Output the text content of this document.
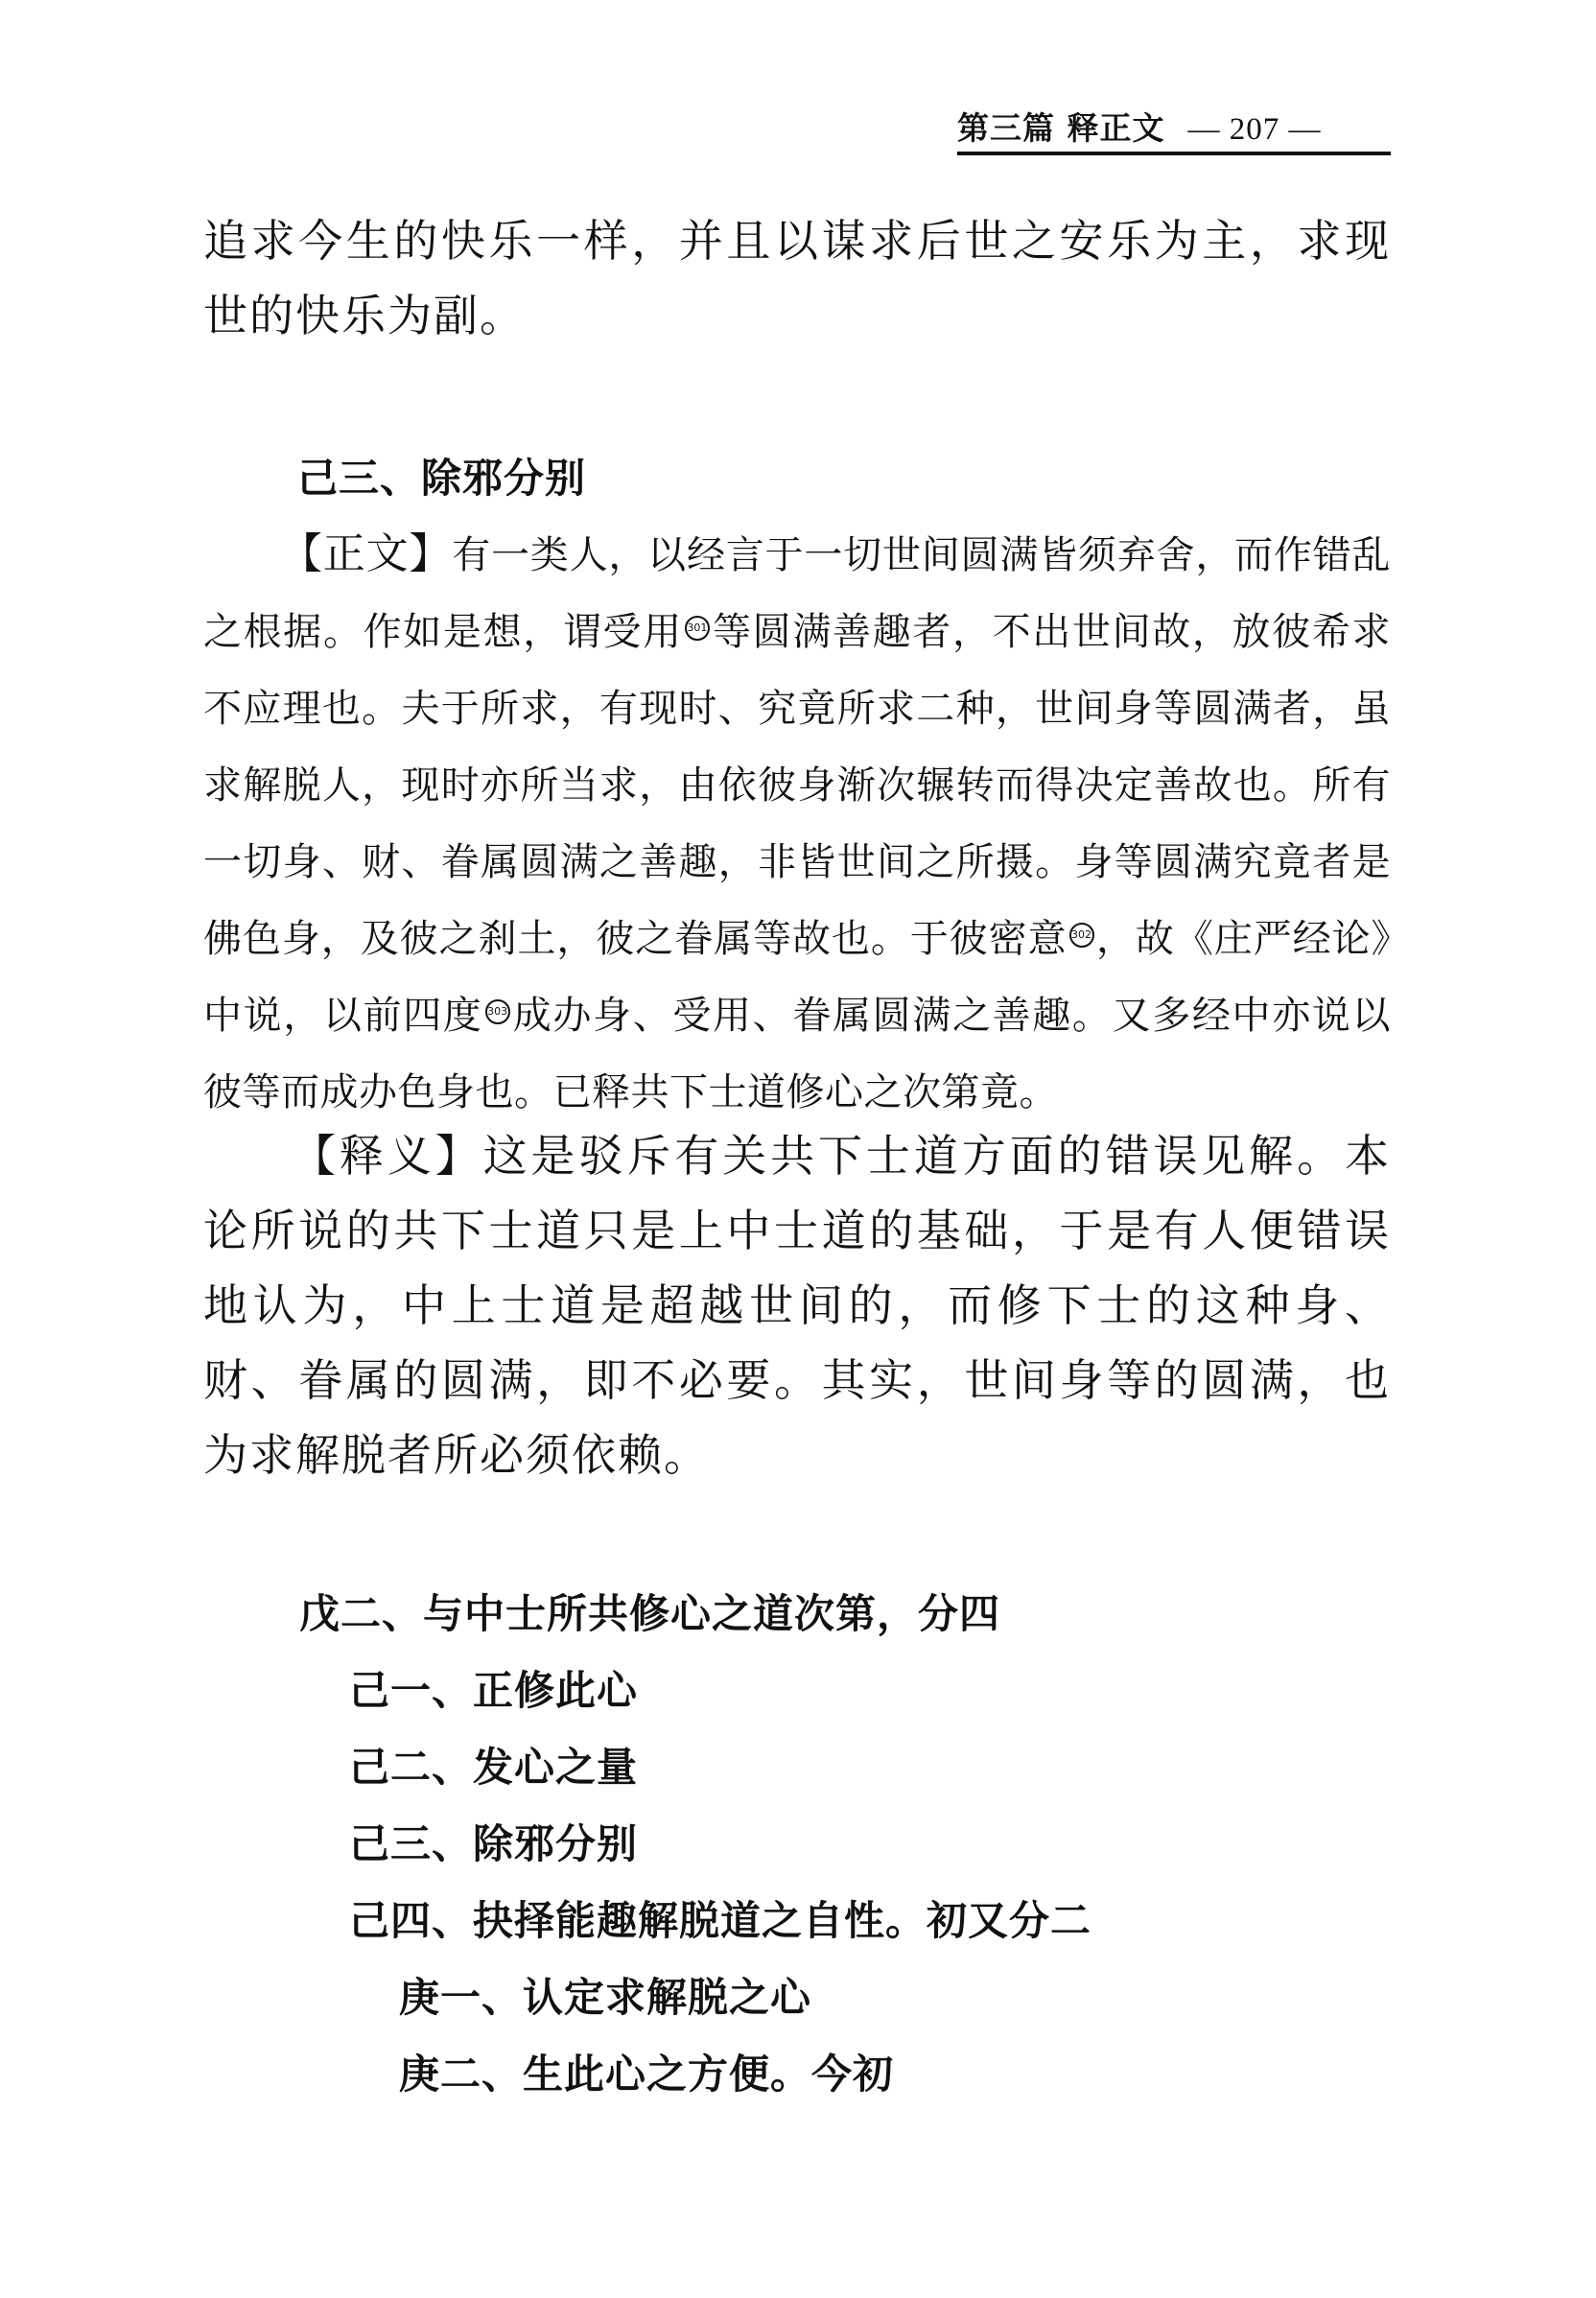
第三篇 释正文 — 207 —
追求今生的快乐一样，并且以谋求后世之安乐为主，求现世的快乐为副。
己三、除邪分别
【正文】有一类人，以经言于一切世间圆满皆须弃舍，而作错乱之根据。作如是想，谓受用 301 等圆满善趣者，不出世间故，放彼希求不应理也。夫于所求，有现时、究竟所求二种，世间身等圆满者，虽求解脱人，现时亦所当求，由依彼身渐次辗转而得决定善故也。所有一切身、财、眷属圆满之善趣，非皆世间之所摄。身等圆满究竟者是佛色身，及彼之刹土，彼之眷属等故也。于彼密意 302 ，故《庄严经论》中说，以前四度 303 成办身、受用、眷属圆满之善趣。又多经中亦说以彼等而成办色身也。已释共下士道修心之次第竟。
【释义】这是驳斥有关共下士道方面的错误见解。本论所说的共下士道只是上中士道的基础，于是有人便错误地认为，中上士道是超越世间的，而修下士的这种身、财、眷属的圆满，即不必要。其实，世间身等的圆满，也为求解脱者所必须依赖。
戊二、与中士所共修心之道次第，分四
己一、正修此心
己二、发心之量
己三、除邪分别
己四、抉择能趣解脱道之自性。初又分二
庚一、认定求解脱之心
庚二、生此心之方便。今初
